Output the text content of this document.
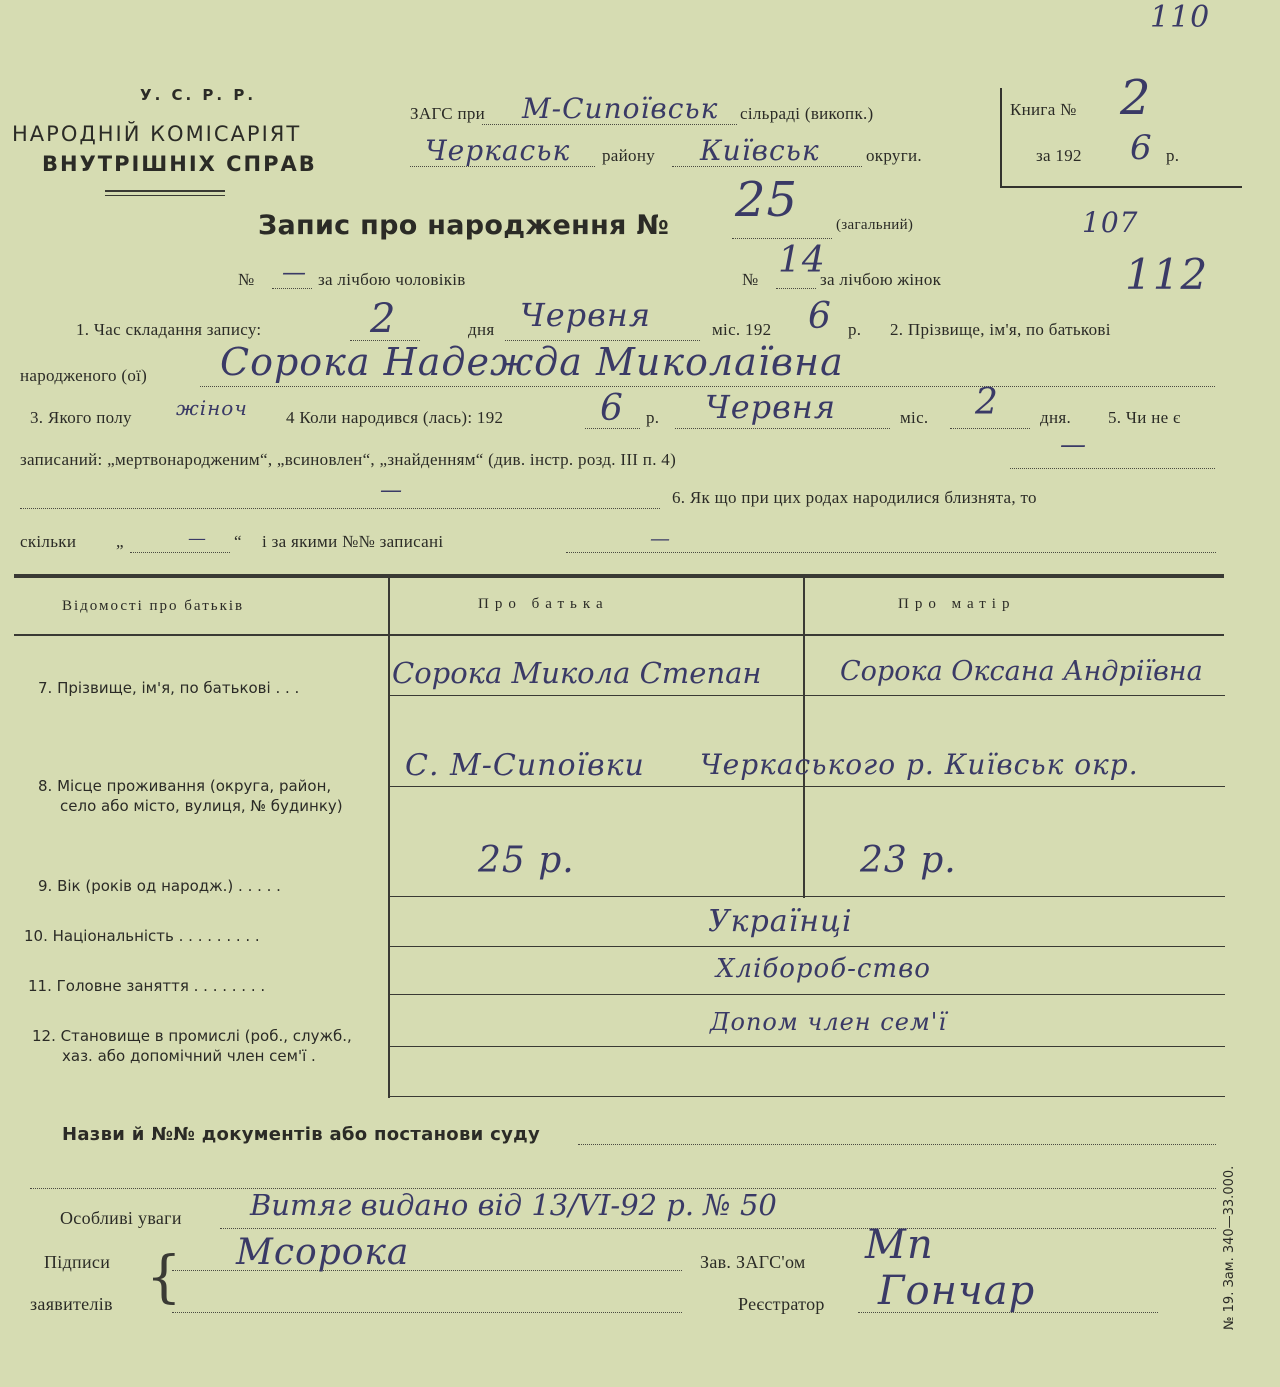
110
У. С. Р. Р.
НАРОДНІЙ КОМІСАРІЯТ
ВНУТРІШНІХ СПРАВ
ЗАГС при М-Сипоївськ сільраді (викопк.)
Черкаськ району Київськ	округи.
Книга № 2
за 192 6 р.
Запис про народження № 25	(загальний)	107
№ — за лічбою чоловіків	№ 14
за лічбою жінок	112
1. Час складання запису:	2	дня Червня	міс. 192 6 р. 2. Прізвище, ім'я, по батькові
народженого (ої) Сорока Надежда Миколаївна
3. Якого полу жіноч 4 Коли народився (лась): 192	6 р. Червня	міс. 2 дня. 5. Чи не є
записаний: „мертвонародженим“, „всиновлен“, „знайденням“ (див. інстр. розд. III п. 4)	—
—	6. Як що при цих родах народилися близнята, то
скільки „	— “ і за якими №№ записані	—
Відомості про батьків	Про батька	Про матір
7. Прізвище, ім'я, по батькові . . .	Сорока Микола Степан	Сорока Оксана Андріївна
8. Місце проживання (округа, район,
село або місто, вулиця, № будинку)
С. М-Сипоївки Черкаського р. Київськ окр.
9. Вік (років од народж.) . . . . .
25 р.	23 р.
10. Національність . . . . . . . . .	Українці
11. Головне заняття . . . . . . . .
Хлібороб-ство
12. Становище в промислі (роб., служб.,
хаз. або допомічний член сем'ї .
Допом член сем'ї
Назви й №№ документів або постанови суду
Особливі уваги Витяг видано від 13/VI-92 р. № 50
Підписи
заявителів { Мсорока	Зав. ЗАГС'ом Мп
Реєстратор Гончар	№ 19. Зам. 340—33.000.
